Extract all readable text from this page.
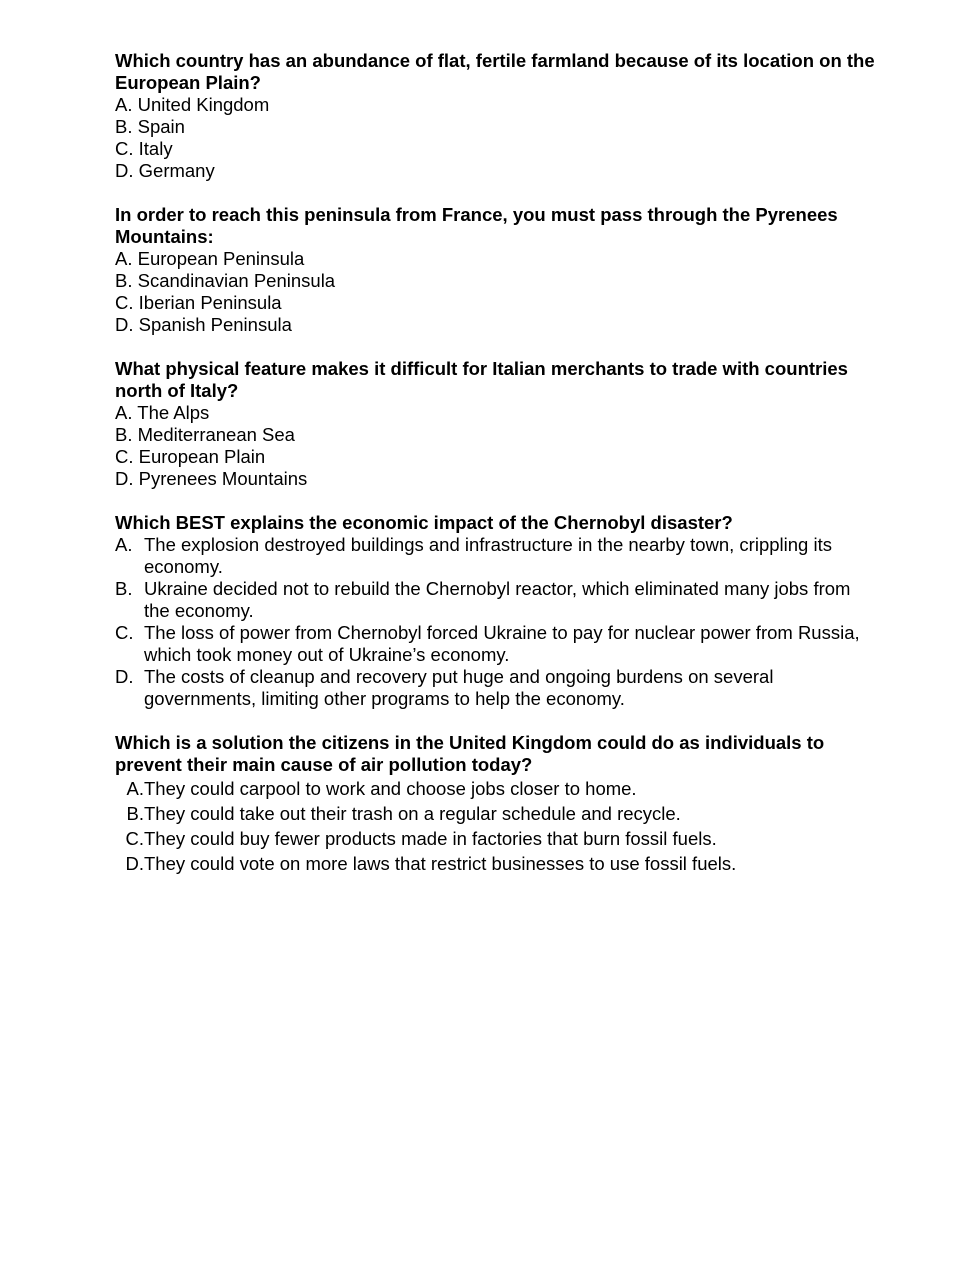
Which country has an abundance of flat, fertile farmland because of its location on the European Plain?
A. United Kingdom
B. Spain
C. Italy
D. Germany
In order to reach this peninsula from France, you must pass through the Pyrenees Mountains:
A. European Peninsula
B. Scandinavian Peninsula
C. Iberian Peninsula
D. Spanish Peninsula
What physical feature makes it difficult for Italian merchants to trade with countries north of Italy?
A. The Alps
B. Mediterranean Sea
C. European Plain
D. Pyrenees Mountains
Which BEST explains the economic impact of the Chernobyl disaster?
A. The explosion destroyed buildings and infrastructure in the nearby town, crippling its economy.
B. Ukraine decided not to rebuild the Chernobyl reactor, which eliminated many jobs from the economy.
C. The loss of power from Chernobyl forced Ukraine to pay for nuclear power from Russia, which took money out of Ukraine’s economy.
D. The costs of cleanup and recovery put huge and ongoing burdens on several governments, limiting other programs to help the economy.
Which is a solution the citizens in the United Kingdom could do as individuals to prevent their main cause of air pollution today?
A. They could carpool to work and choose jobs closer to home.
B. They could take out their trash on a regular schedule and recycle.
C. They could buy fewer products made in factories that burn fossil fuels.
D. They could vote on more laws that restrict businesses to use fossil fuels.
